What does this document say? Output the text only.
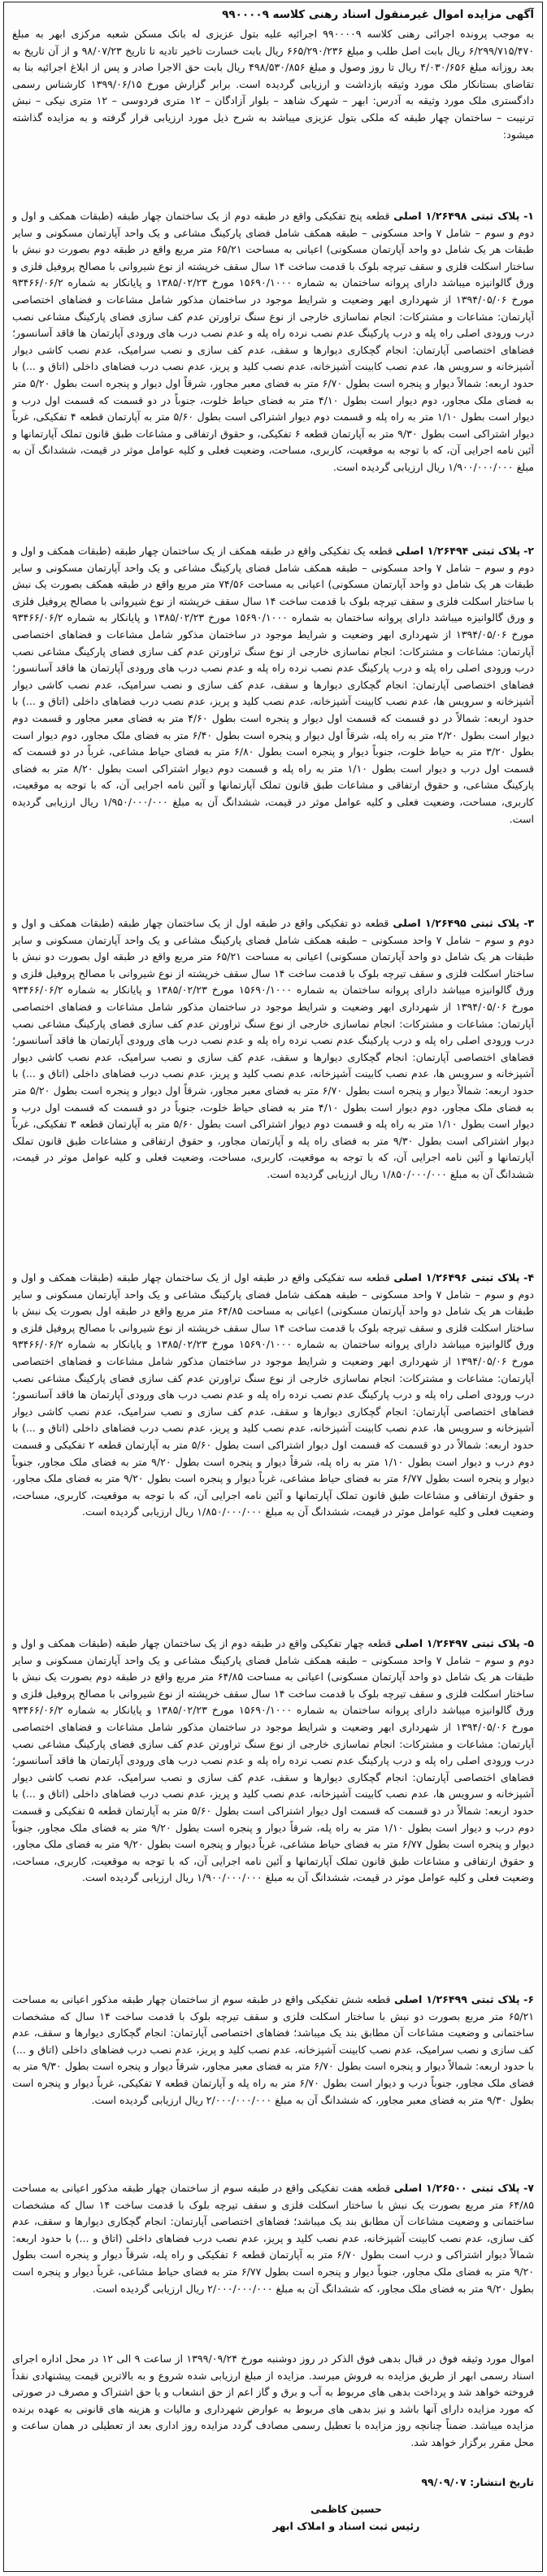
آگهی مزایده اموال غیرمنقول اسناد رهنی کلاسه ۹۹۰۰۰۰۹

به موجب پرونده اجرائی رهنی کلاسه ۹۹۰۰۰۰۹ اجرائیه علیه بتول عزیزی له بانک مسکن شعبه مرکزی ابهر به مبلغ ۶/۲۹۹/۷۱۵/۴۷۰ ریال بابت اصل طلب و مبلغ ۶۶۵/۲۹۰/۲۳۶ ریال بابت خسارت تاخیر تادیه تا تاریخ ۹۸/۰۷/۲۳ و از آن تاریخ به بعد روزانه مبلغ ۴/۰۳۰/۶۵۶ ریال تا روز وصول و مبلغ ۴۹۸/۵۳۰/۸۵۶ ریال بابت حق الاجرا صادر و پس از ابلاغ اجرائیه بنا به تقاضای بستانکار ملک مورد وثیقه بازداشت و ارزیابی گردیده است. برابر گزارش مورخ ۱۳۹۹/۰۶/۱۵ کارشناس رسمی دادگستری ملک مورد وثیقه به آدرس: ابهر – شهرک شاهد – بلوار آزادگان – ۱۲ متری فردوسی – ۱۲ متری نیکی – نبش ترنیبت – ساختمان چهار طبقه که ملکی بتول عزیزی میباشد به شرح ذیل مورد ارزیابی قرار گرفته و به مزایده گذاشته میشود:

۱- پلاک ثبتی ۱/۲۶۴۹۸ اصلی قطعه پنج تفکیکی واقع در طبقه دوم از یک ساختمان چهار طبقه (طبقات همکف و اول و دوم و سوم – شامل ۷ واحد مسکونی – طبقه همکف شامل فضای پارکینگ مشاعی و یک واحد آپارتمان مسکونی و سایر طبقات هر یک شامل دو واحد آپارتمان مسکونی) اعیانی به مساحت ۶۵/۲۱ متر مربع واقع در طبقه دوم بصورت دو نبش با ساختار اسکلت فلزی و سقف تیرچه بلوک با قدمت ساخت ۱۴ سال سقف خرپشته از نوع شیروانی با مصالح پروفیل فلزی و ورق گالوانیزه میباشد دارای پروانه ساختمان به شماره ۱۵۶۹۰/۱۰۰۰ مورخ ۱۳۸۵/۰۲/۲۳ و پایانکار به شماره ۹۳۴۶۶/۰۶/۲ مورخ ۱۳۹۴/۰۵/۰۶ از شهرداری ابهر وضعیت و شرایط موجود در ساختمان مذکور شامل مشاعات و فضاهای اختصاصی آپارتمان: مشاعات و مشترکات: انجام نماسازی خارجی از نوع سنگ تراورتن عدم کف سازی فضای پارکینگ مشاعی نصب درب ورودی اصلی راه پله و درب پارکینگ عدم نصب نرده راه پله و عدم نصب درب های ورودی آپارتمان ها فاقد آسانسور؛ فضاهای اختصاصی آپارتمان: انجام گچکاری دیوارها و سقف، عدم کف سازی و نصب سرامیک، عدم نصب کاشی دیوار آشپزخانه و سرویس ها، عدم نصب کابینت آشپزخانه، عدم نصب کلید و پریز، عدم نصب درب فضاهای داخلی (اتاق و ...) با حدود اربعه: شمالاً دیوار و پنجره است بطول ۶/۷۰ متر به فضای معبر مجاور، شرقاً اول دیوار و پنجره است بطول ۵/۲۰ متر به فضای ملک مجاور، دوم دیوار است بطول ۴/۱۰ متر به فضای حیاط خلوت، جنوباً در دو قسمت که قسمت اول درب و دیوار است بطول ۱/۱۰ متر به راه پله و قسمت دوم دیوار اشتراکی است بطول ۵/۶۰ متر به آپارتمان قطعه ۴ تفکیکی، غرباً دیوار اشتراکی است بطول ۹/۳۰ متر به آپارتمان قطعه ۶ تفکیکی، و حقوق ارتفاقی و مشاعات طبق قانون تملک آپارتمانها و آئین نامه اجرایی آن، که با توجه به موقعیت، کاربری، مساحت، وضعیت فعلی و کلیه عوامل موثر در قیمت، ششدانگ آن به مبلغ ۱/۹۰۰/۰۰۰/۰۰۰ ریال ارزیابی گردیده است.

۲- پلاک ثبتی ۱/۲۶۴۹۴ اصلی قطعه یک تفکیکی واقع در طبقه همکف از یک ساختمان چهار طبقه (طبقات همکف و اول و دوم و سوم – شامل ۷ واحد مسکونی – طبقه همکف شامل فضای پارکینگ مشاعی و یک واحد آپارتمان مسکونی و سایر طبقات هر یک شامل دو واحد آپارتمان مسکونی) اعیانی به مساحت ۷۴/۵۶ متر مربع واقع در طبقه همکف بصورت یک نبش با ساختار اسکلت فلزی و سقف تیرچه بلوک با قدمت ساخت ۱۴ سال سقف خرپشته از نوع شیروانی با مصالح پروفیل فلزی و ورق گالوانیزه میباشد دارای پروانه ساختمان به شماره ۱۵۶۹۰/۱۰۰۰ مورخ ۱۳۸۵/۰۲/۲۳ و پایانکار به شماره ۹۳۴۶۶/۰۶/۲ مورخ ۱۳۹۴/۰۵/۰۶ از شهرداری ابهر وضعیت و شرایط موجود در ساختمان مذکور شامل مشاعات و فضاهای اختصاصی آپارتمان: مشاعات و مشترکات: انجام نماسازی خارجی از نوع سنگ تراورتن عدم کف سازی فضای پارکینگ مشاعی نصب درب ورودی اصلی راه پله و درب پارکینگ عدم نصب نرده راه پله و عدم نصب درب های ورودی آپارتمان ها فاقد آسانسور؛ فضاهای اختصاصی آپارتمان: انجام گچکاری دیوارها و سقف، عدم کف سازی و نصب سرامیک، عدم نصب کاشی دیوار آشپزخانه و سرویس ها، عدم نصب کابینت آشپزخانه، عدم نصب کلید و پریز، عدم نصب درب فضاهای داخلی (اتاق و ...) با حدود اربعه: شمالاً در دو قسمت که قسمت اول دیوار و پنجره است بطول ۴/۶۰ متر به فضای معبر مجاور و قسمت دوم دیوار است بطول ۲/۲۰ متر به راه پله، شرقاً اول دیوار و پنجره است بطول ۶/۴۰ متر به فضای ملک مجاور، دوم دیوار است بطول ۳/۲۰ متر به حیاط خلوت، جنوباً دیوار و پنجره است بطول ۶/۸۰ متر به فضای حیاط مشاعی، غرباً در دو قسمت که قسمت اول درب و دیوار است بطول ۱/۱۰ متر به راه پله و قسمت دوم دیوار اشتراکی است بطول ۸/۲۰ متر به فضای پارکینگ مشاعی، و حقوق ارتفاقی و مشاعات طبق قانون تملک آپارتمانها و آئین نامه اجرایی آن، که با توجه به موقعیت، کاربری، مساحت، وضعیت فعلی و کلیه عوامل موثر در قیمت، ششدانگ آن به مبلغ ۱/۹۵۰/۰۰۰/۰۰۰ ریال ارزیابی گردیده است.

۳- پلاک ثبتی ۱/۲۶۴۹۵ اصلی قطعه دو تفکیکی واقع در طبقه اول از یک ساختمان چهار طبقه (طبقات همکف و اول و دوم و سوم – شامل ۷ واحد مسکونی – طبقه همکف شامل فضای پارکینگ مشاعی و یک واحد آپارتمان مسکونی و سایر طبقات هر یک شامل دو واحد آپارتمان مسکونی) اعیانی به مساحت ۶۵/۲۱ متر مربع واقع در طبقه اول بصورت دو نبش با ساختار اسکلت فلزی و سقف تیرچه بلوک با قدمت ساخت ۱۴ سال سقف خرپشته از نوع شیروانی با مصالح پروفیل فلزی و ورق گالوانیزه میباشد دارای پروانه ساختمان به شماره ۱۵۶۹۰/۱۰۰۰ مورخ ۱۳۸۵/۰۲/۲۳ و پایانکار به شماره ۹۳۴۶۶/۰۶/۲ مورخ ۱۳۹۴/۰۵/۰۶ از شهرداری ابهر وضعیت و شرایط موجود در ساختمان مذکور شامل مشاعات و فضاهای اختصاصی آپارتمان: مشاعات و مشترکات: انجام نماسازی خارجی از نوع سنگ تراورتن عدم کف سازی فضای پارکینگ مشاعی نصب درب ورودی اصلی راه پله و درب پارکینگ عدم نصب نرده راه پله و عدم نصب درب های ورودی آپارتمان ها فاقد آسانسور؛ فضاهای اختصاصی آپارتمان: انجام گچکاری دیوارها و سقف، عدم کف سازی و نصب سرامیک، عدم نصب کاشی دیوار آشپزخانه و سرویس ها، عدم نصب کابینت آشپزخانه، عدم نصب کلید و پریز، عدم نصب درب فضاهای داخلی (اتاق و ...) با حدود اربعه: شمالاً دیوار و پنجره است بطول ۶/۷۰ متر به فضای معبر مجاور، شرقاً اول دیوار و پنجره است بطول ۵/۲۰ متر به فضای ملک مجاور، دوم دیوار است بطول ۴/۱۰ متر به فضای حیاط خلوت، جنوباً در دو قسمت که قسمت اول درب و دیوار است بطول ۱/۱۰ متر به راه پله و قسمت دوم دیوار اشتراکی است بطول ۵/۶۰ متر به آپارتمان قطعه ۳ تفکیکی، غرباً دیوار اشتراکی است بطول ۹/۳۰ متر به فضای راه پله و آپارتمان مجاور، و حقوق ارتفاقی و مشاعات طبق قانون تملک آپارتمانها و آئین نامه اجرایی آن، که با توجه به موقعیت، کاربری، مساحت، وضعیت فعلی و کلیه عوامل موثر در قیمت، ششدانگ آن به مبلغ ۱/۸۵۰/۰۰۰/۰۰۰ ریال ارزیابی گردیده است.

۴- پلاک ثبتی ۱/۲۶۴۹۶ اصلی قطعه سه تفکیکی واقع در طبقه اول از یک ساختمان چهار طبقه (طبقات همکف و اول و دوم و سوم – شامل ۷ واحد مسکونی – طبقه همکف شامل فضای پارکینگ مشاعی و یک واحد آپارتمان مسکونی و سایر طبقات هر یک شامل دو واحد آپارتمان مسکونی) اعیانی به مساحت ۶۴/۸۵ متر مربع واقع در طبقه اول بصورت یک نبش با ساختار اسکلت فلزی و سقف تیرچه بلوک با قدمت ساخت ۱۴ سال سقف خرپشته از نوع شیروانی با مصالح پروفیل فلزی و ورق گالوانیزه میباشد دارای پروانه ساختمان به شماره ۱۵۶۹۰/۱۰۰۰ مورخ ۱۳۸۵/۰۲/۲۳ و پایانکار به شماره ۹۳۴۶۶/۰۶/۲ مورخ ۱۳۹۴/۰۵/۰۶ از شهرداری ابهر وضعیت و شرایط موجود در ساختمان مذکور شامل مشاعات و فضاهای اختصاصی آپارتمان: مشاعات و مشترکات: انجام نماسازی خارجی از نوع سنگ تراورتن عدم کف سازی فضای پارکینگ مشاعی نصب درب ورودی اصلی راه پله و درب پارکینگ عدم نصب نرده راه پله و عدم نصب درب های ورودی آپارتمان ها فاقد آسانسور؛ فضاهای اختصاصی آپارتمان: انجام گچکاری دیوارها و سقف، عدم کف سازی و نصب سرامیک، عدم نصب کاشی دیوار آشپزخانه و سرویس ها، عدم نصب کابینت آشپزخانه، عدم نصب کلید و پریز، عدم نصب درب فضاهای داخلی (اتاق و ...) با حدود اربعه: شمالاً در دو قسمت که قسمت اول دیوار اشتراکی است بطول ۵/۶۰ متر به آپارتمان قطعه ۲ تفکیکی و قسمت دوم درب و دیوار است بطول ۱/۱۰ متر به راه پله، شرقاً دیوار و پنجره است بطول ۹/۲۰ متر به فضای ملک مجاور، جنوباً دیوار و پنجره است بطول ۶/۷۷ متر به فضای حیاط مشاعی، غرباً دیوار و پنجره است بطول ۹/۲۰ متر به فضای ملک مجاور، و حقوق ارتفاقی و مشاعات طبق قانون تملک آپارتمانها و آئین نامه اجرایی آن، که با توجه به موقعیت، کاربری، مساحت، وضعیت فعلی و کلیه عوامل موثر در قیمت، ششدانگ آن به مبلغ ۱/۸۵۰/۰۰۰/۰۰۰ ریال ارزیابی گردیده است.

۵- پلاک ثبتی ۱/۲۶۴۹۷ اصلی قطعه چهار تفکیکی واقع در طبقه دوم از یک ساختمان چهار طبقه (طبقات همکف و اول و دوم و سوم – شامل ۷ واحد مسکونی – طبقه همکف شامل فضای پارکینگ مشاعی و یک واحد آپارتمان مسکونی و سایر طبقات هر یک شامل دو واحد آپارتمان مسکونی) اعیانی به مساحت ۶۴/۸۵ متر مربع واقع در طبقه دوم بصورت یک نبش با ساختار اسکلت فلزی و سقف تیرچه بلوک با قدمت ساخت ۱۴ سال سقف خرپشته از نوع شیروانی با مصالح پروفیل فلزی و ورق گالوانیزه میباشد دارای پروانه ساختمان به شماره ۱۵۶۹۰/۱۰۰۰ مورخ ۱۳۸۵/۰۲/۲۳ و پایانکار به شماره ۹۳۴۶۶/۰۶/۲ مورخ ۱۳۹۴/۰۵/۰۶ از شهرداری ابهر وضعیت و شرایط موجود در ساختمان مذکور شامل مشاعات و فضاهای اختصاصی آپارتمان: مشاعات و مشترکات: انجام نماسازی خارجی از نوع سنگ تراورتن عدم کف سازی فضای پارکینگ مشاعی نصب درب ورودی اصلی راه پله و درب پارکینگ عدم نصب نرده راه پله و عدم نصب درب های ورودی آپارتمان ها فاقد آسانسور؛ فضاهای اختصاصی آپارتمان: انجام گچکاری دیوارها و سقف، عدم کف سازی و نصب سرامیک، عدم نصب کاشی دیوار آشپزخانه و سرویس ها، عدم نصب کابینت آشپزخانه، عدم نصب کلید و پریز، عدم نصب درب فضاهای داخلی (اتاق و ...) با حدود اربعه: شمالاً در دو قسمت که قسمت اول دیوار اشتراکی است بطول ۵/۶۰ متر به آپارتمان قطعه ۵ تفکیکی و قسمت دوم درب و دیوار است بطول ۱/۱۰ متر به راه پله، شرقاً دیوار و پنجره است بطول ۹/۲۰ متر به فضای ملک مجاور، جنوباً دیوار و پنجره است بطول ۶/۷۷ متر به فضای حیاط مشاعی، غرباً دیوار و پنجره است بطول ۹/۲۰ متر به فضای ملک مجاور، و حقوق ارتفاقی و مشاعات طبق قانون تملک آپارتمانها و آئین نامه اجرایی آن، که با توجه به موقعیت، کاربری، مساحت، وضعیت فعلی و کلیه عوامل موثر در قیمت، ششدانگ آن به مبلغ ۱/۹۰۰/۰۰۰/۰۰۰ ریال ارزیابی گردیده است.

۶- پلاک ثبتی ۱/۲۶۴۹۹ اصلی قطعه شش تفکیکی واقع در طبقه سوم از ساختمان چهار طبقه مذکور اعیانی به مساحت ۶۵/۲۱ متر مربع بصورت دو نبش با ساختار اسکلت فلزی و سقف تیرچه بلوک با قدمت ساخت ۱۴ سال که مشخصات ساختمانی و وضعیت مشاعات آن مطابق بند یک میباشد؛ فضاهای اختصاصی آپارتمان: انجام گچکاری دیوارها و سقف، عدم کف سازی و نصب سرامیک، عدم نصب کابینت آشپزخانه، عدم نصب کلید و پریز، عدم نصب درب فضاهای داخلی (اتاق و ...) با حدود اربعه: شمالاً دیوار و پنجره است بطول ۶/۷۰ متر به فضای معبر مجاور، شرقاً دیوار و پنجره است بطول ۹/۳۰ متر به فضای ملک مجاور، جنوباً درب و دیوار است بطول ۶/۷۰ متر به راه پله و آپارتمان قطعه ۷ تفکیکی، غرباً دیوار و پنجره است بطول ۹/۳۰ متر به فضای معبر مجاور، که ششدانگ آن به مبلغ ۲/۰۰۰/۰۰۰/۰۰۰ ریال ارزیابی گردیده است.

۷- پلاک ثبتی ۱/۲۶۵۰۰ اصلی قطعه هفت تفکیکی واقع در طبقه سوم از ساختمان چهار طبقه مذکور اعیانی به مساحت ۶۴/۸۵ متر مربع بصورت یک نبش با ساختار اسکلت فلزی و سقف تیرچه بلوک با قدمت ساخت ۱۴ سال که مشخصات ساختمانی و وضعیت مشاعات آن مطابق بند یک میباشد؛ فضاهای اختصاصی آپارتمان: انجام گچکاری دیوارها و سقف، عدم کف سازی، عدم نصب کابینت آشپزخانه، عدم نصب کلید و پریز، عدم نصب درب فضاهای داخلی (اتاق و ...) با حدود اربعه: شمالاً دیوار اشتراکی و درب است بطول ۶/۷۰ متر به آپارتمان قطعه ۶ تفکیکی و راه پله، شرقاً دیوار و پنجره است بطول ۹/۲۰ متر به فضای ملک مجاور، جنوباً دیوار و پنجره است بطول ۶/۷۷ متر به فضای حیاط مشاعی، غرباً دیوار و پنجره است بطول ۹/۲۰ متر به فضای ملک مجاور، که ششدانگ آن به مبلغ ۲/۰۰۰/۰۰۰/۰۰۰ ریال ارزیابی گردیده است.

اموال مورد وثیقه فوق در قبال بدهی فوق الذکر در روز دوشنبه مورخ ۱۳۹۹/۰۹/۲۴ از ساعت ۹ الی ۱۲ در محل اداره اجرای اسناد رسمی ابهر از طریق مزایده به فروش میرسد. مزایده از مبلغ ارزیابی شده شروع و به بالاترین قیمت پیشنهادی نقداً فروخته خواهد شد و پرداخت بدهی های مربوط به آب و برق و گاز اعم از حق انشعاب و یا حق اشتراک و مصرف در صورتی که مورد مزایده دارای آنها باشد و نیز بدهی های مربوط به عوارض شهرداری و مالیات و هزینه های قانونی به عهده برنده مزایده میباشد. ضمناً چنانچه روز مزایده با تعطیل رسمی مصادف گردد مزایده روز اداری بعد از تعطیلی در همان ساعت و محل مقرر برگزار خواهد شد.

تاریخ انتشار: ۹۹/۰۹/۰۷

حسین کاظمی
رئیس ثبت اسناد و املاک ابهر
